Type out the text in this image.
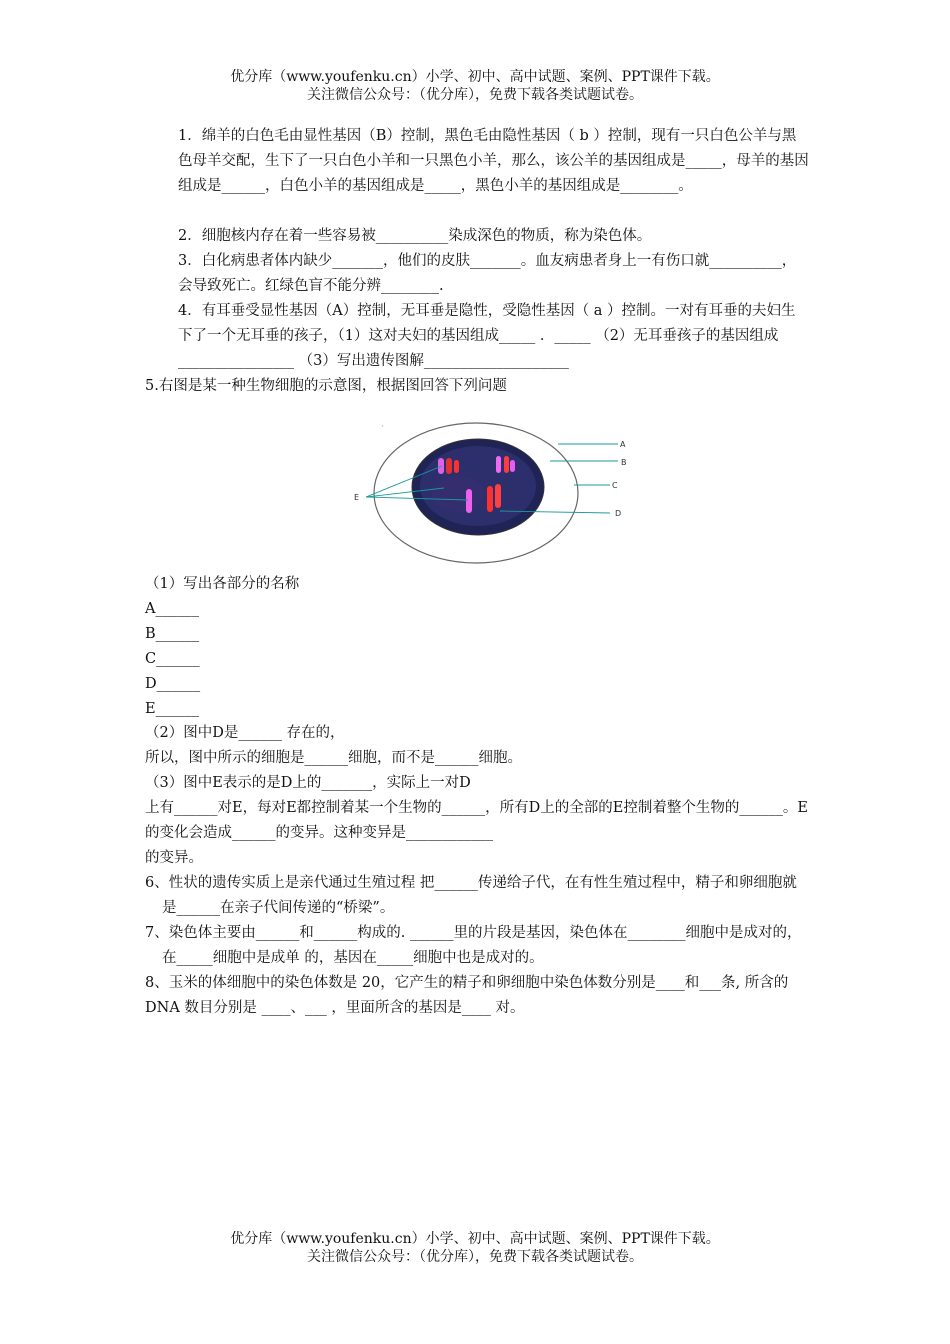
优分库（www.youfenku.cn）小学、初中、高中试题、案例、PPT课件下载。
关注微信公众号：（优分库），免费下载各类试题试卷。
1．绵羊的白色毛由显性基因（B）控制，黑色毛由隐性基因（ b ）控制，现有一只白色公羊与黑色母羊交配，生下了一只白色小羊和一只黑色小羊，那么，该公羊的基因组成是_____，母羊的基因组成是______，白色小羊的基因组成是_____，黑色小羊的基因组成是________。
2．细胞核内存在着一些容易被__________染成深色的物质，称为染色体。
3．白化病患者体内缺少_______，他们的皮肤_______。血友病患者身上一有伤口就__________，会导致死亡。红绿色盲不能分辨________.
4．有耳垂受显性基因（A）控制，无耳垂是隐性，受隐性基因（ a ）控制。一对有耳垂的夫妇生下了一个无耳垂的孩子，（1）这对夫妇的基因组成_____ ．_____ （2）无耳垂孩子的基因组成 ________________ （3）写出遗传图解____________________
5.右图是某一种生物细胞的示意图，根据图回答下列问题
A
B
C
D
E
（1）写出各部分的名称
A______
B______
C______
D______
E______
（2）图中D是______ 存在的，
所以，图中所示的细胞是______细胞，而不是______细胞。
（3）图中E表示的是D上的_______，实际上一对D
上有______对E，每对E都控制着某一个生物的______，所有D上的全部的E控制着整个生物的______。E的变化会造成______的变异。这种变异是____________
的变异。
6、性状的遗传实质上是亲代通过生殖过程 把______传递给子代，在有性生殖过程中，精子和卵细胞就是______在亲子代间传递的“桥梁”。
7、染色体主要由______和______构成的. ______里的片段是基因，染色体在________细胞中是成对的，在_____细胞中是成单 的，基因在_____细胞中也是成对的。
8、玉米的体细胞中的染色体数是 20，它产生的精子和卵细胞中染色体数分别是____和___条, 所含的 DNA 数目分别是 ____、___ ，里面所含的基因是____ 对。
优分库（www.youfenku.cn）小学、初中、高中试题、案例、PPT课件下载。
关注微信公众号：（优分库），免费下载各类试题试卷。
